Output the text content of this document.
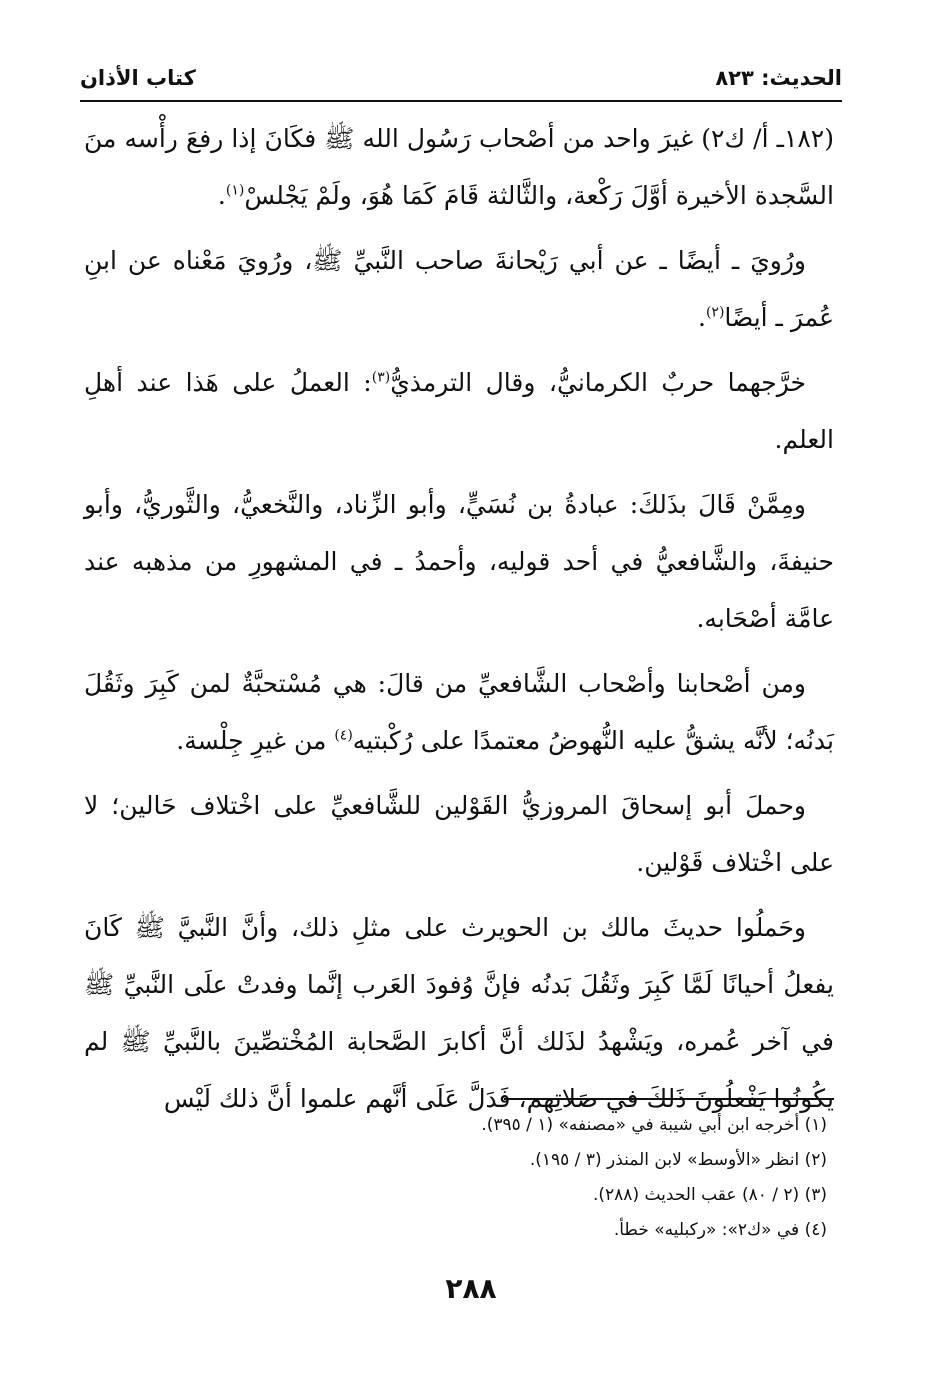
الحديث: ٨٢٣
كتاب الأذان

(١٨٢ـ أ/ ك٢) غيرَ واحد من أصْحاب رَسُول الله ﷺ فكَانَ إذا رفعَ رأْسه منَ السَّجدة الأخيرة أوَّلَ رَكْعة، والثَّالثة قَامَ كَمَا هُوَ، ولَمْ يَجْلسْ$^{(١)}$.

ورُويَ ـ أيضًا ـ عن أبي رَيْحانةَ صاحب النَّبيِّ ﷺ، ورُويَ مَعْناه عن ابنِ عُمرَ ـ أيضًا$^{(٢)}$.

خرَّجهما حربٌ الكرمانيُّ، وقال الترمذيُّ$^{(٣)}$: العملُ على هَذا عند أهلِ العلم.

ومِمَّنْ قَالَ بذَلكَ: عبادةُ بن نُسَيٍّ، وأبو الزِّناد، والنَّخعيُّ، والثَّوريُّ، وأبو حنيفةَ، والشَّافعيُّ في أحد قوليه، وأحمدُ ـ في المشهورِ من مذهبه عند عامَّة أصْحَابه.

ومن أصْحابنا وأصْحاب الشَّافعيِّ من قالَ: هي مُسْتحبَّةٌ لمن كَبِرَ وثَقُلَ بَدنُه؛ لأنَّه يشقُّ عليه النُّهوضُ معتمدًا على رُكْبتيه$^{(٤)}$ من غيرِ جِلْسة.

وحملَ أبو إسحاقَ المروزيُّ القَوْلين للشَّافعيِّ على اخْتلاف حَالين؛ لا على اخْتلاف قَوْلين.

وحَملُوا حديثَ مالك بن الحويرث على مثلِ ذلك، وأنَّ النَّبيَّ ﷺ كَانَ يفعلُ أحيانًا لَمَّا كَبِرَ وثَقُلَ بَدنُه فإنَّ وُفودَ العَرب إنَّما وفدتْ علَى النَّبيِّ ﷺ في آخر عُمره، ويَشْهدُ لذَلك أنَّ أكابرَ الصَّحابة المُخْتصِّينَ بالنَّبيِّ ﷺ لم يكُونُوا يَفْعلُونَ ذَلكَ في صَلاتِهم، فَدَلَّ عَلَى أنَّهم علموا أنَّ ذلك لَيْس

(١) أخرجه ابن أبي شيبة في «مصنفه» (١ / ٣٩٥).

(٢) انظر «الأوسط» لابن المنذر (٣ / ١٩٥).

(٣) (٢ / ٨٠) عقب الحديث (٢٨٨).

(٤) في «ك٢»: «ركبليه» خطأ.

٢٨٨
